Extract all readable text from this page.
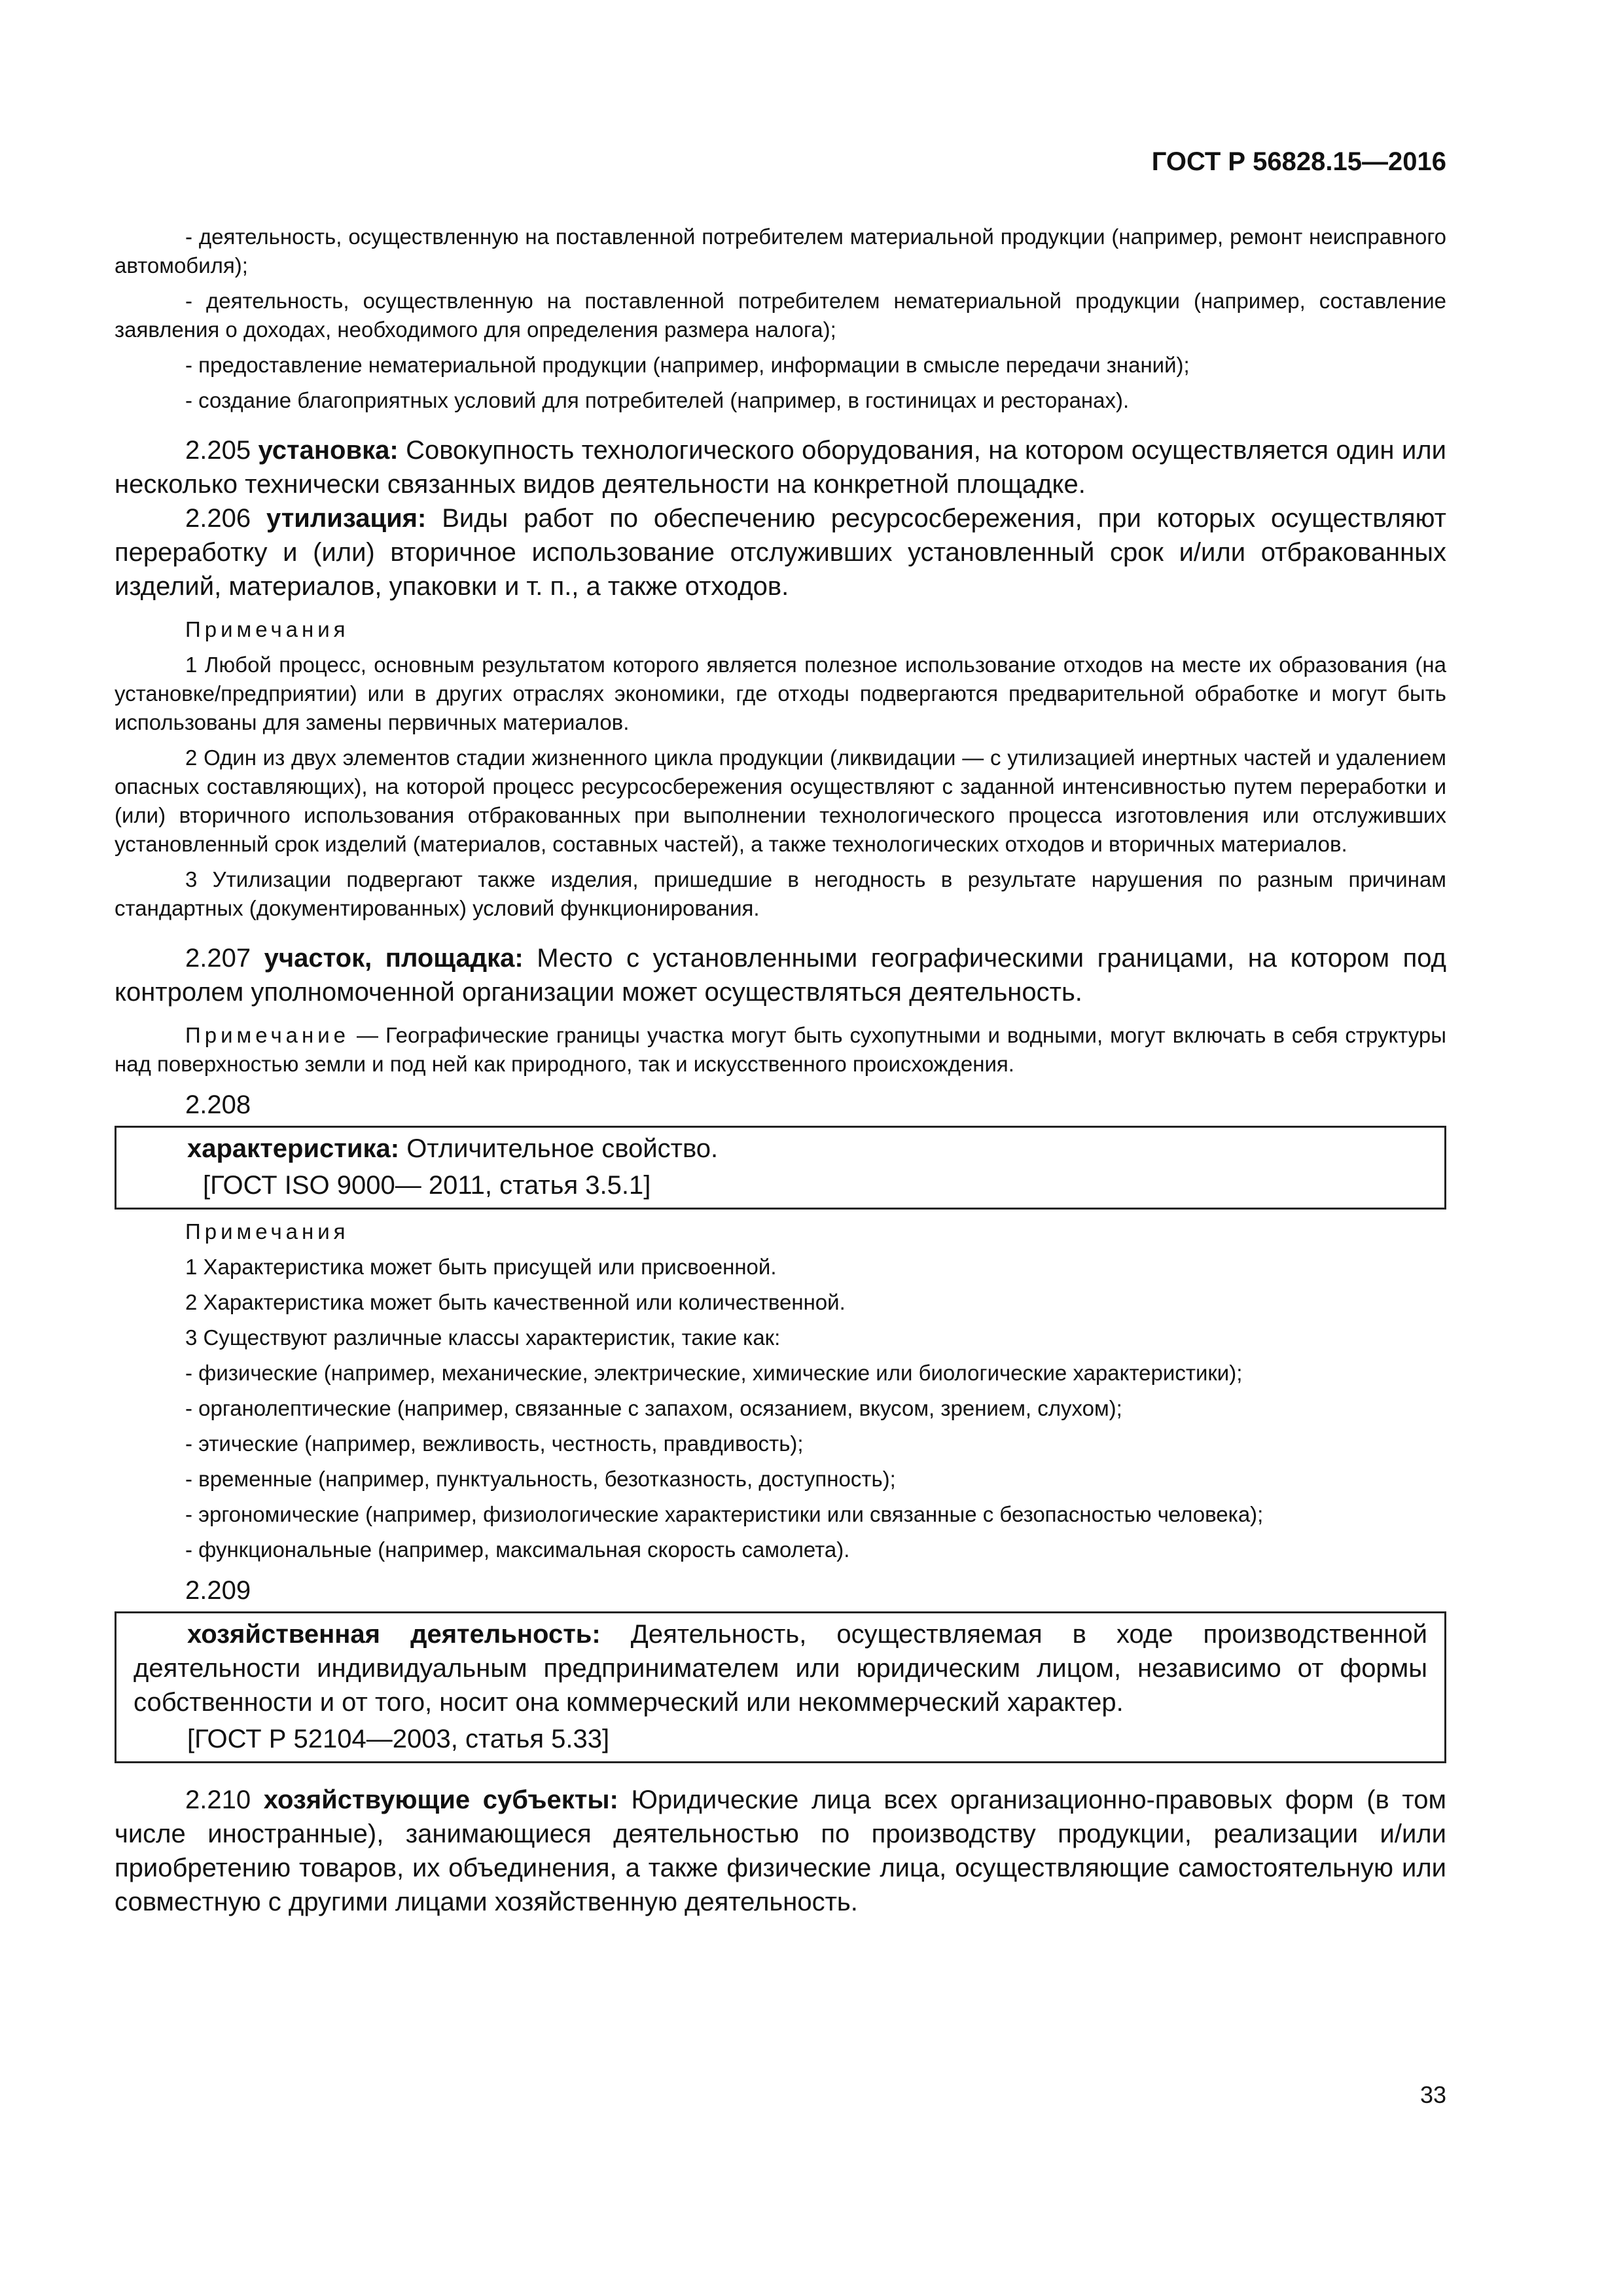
ГОСТ Р 56828.15—2016

- деятельность, осуществленную на поставленной потребителем материальной продукции (например, ремонт неисправного автомобиля);

- деятельность, осуществленную на поставленной потребителем нематериальной продукции (например, составление заявления о доходах, необходимого для определения размера налога);

- предоставление нематериальной продукции (например, информации в смысле передачи знаний);

- создание благоприятных условий для потребителей (например, в гостиницах и ресторанах).

2.205 установка: Совокупность технологического оборудования, на котором осуществляется один или несколько технически связанных видов деятельности на конкретной площадке.

2.206 утилизация: Виды работ по обеспечению ресурсосбережения, при которых осуществляют переработку и (или) вторичное использование отслуживших установленный срок и/или отбракованных изделий, материалов, упаковки и т. п., а также отходов.

Примечания

1 Любой процесс, основным результатом которого является полезное использование отходов на месте их образования (на установке/предприятии) или в других отраслях экономики, где отходы подвергаются предварительной обработке и могут быть использованы для замены первичных материалов.

2 Один из двух элементов стадии жизненного цикла продукции (ликвидации — с утилизацией инертных частей и удалением опасных составляющих), на которой процесс ресурсосбережения осуществляют с заданной интенсивностью путем переработки и (или) вторичного использования отбракованных при выполнении технологического процесса изготовления или отслуживших установленный срок изделий (материалов, составных частей), а также технологических отходов и вторичных материалов.

3 Утилизации подвергают также изделия, пришедшие в негодность в результате нарушения по разным причинам стандартных (документированных) условий функционирования.

2.207 участок, площадка: Место с установленными географическими границами, на котором под контролем уполномоченной организации может осуществляться деятельность.

Примечание — Географические границы участка могут быть сухопутными и водными, могут включать в себя структуры над поверхностью земли и под ней как природного, так и искусственного происхождения.

2.208

характеристика: Отличительное свойство.

[ГОСТ ISO 9000— 2011, статья 3.5.1]

Примечания

1 Характеристика может быть присущей или присвоенной.

2 Характеристика может быть качественной или количественной.

3 Существуют различные классы характеристик, такие как:

- физические (например, механические, электрические, химические или биологические характеристики);

- органолептические (например, связанные с запахом, осязанием, вкусом, зрением, слухом);

- этические (например, вежливость, честность, правдивость);

- временные (например, пунктуальность, безотказность, доступность);

- эргономические (например, физиологические характеристики или связанные с безопасностью человека);

- функциональные (например, максимальная скорость самолета).

2.209

хозяйственная деятельность: Деятельность, осуществляемая в ходе производственной деятельности индивидуальным предпринимателем или юридическим лицом, независимо от формы собственности и от того, носит она коммерческий или некоммерческий характер.

[ГОСТ Р 52104—2003, статья 5.33]

2.210 хозяйствующие субъекты: Юридические лица всех организационно-правовых форм (в том числе иностранные), занимающиеся деятельностью по производству продукции, реализации и/или приобретению товаров, их объединения, а также физические лица, осуществляющие самостоятельную или совместную с другими лицами хозяйственную деятельность.

33
